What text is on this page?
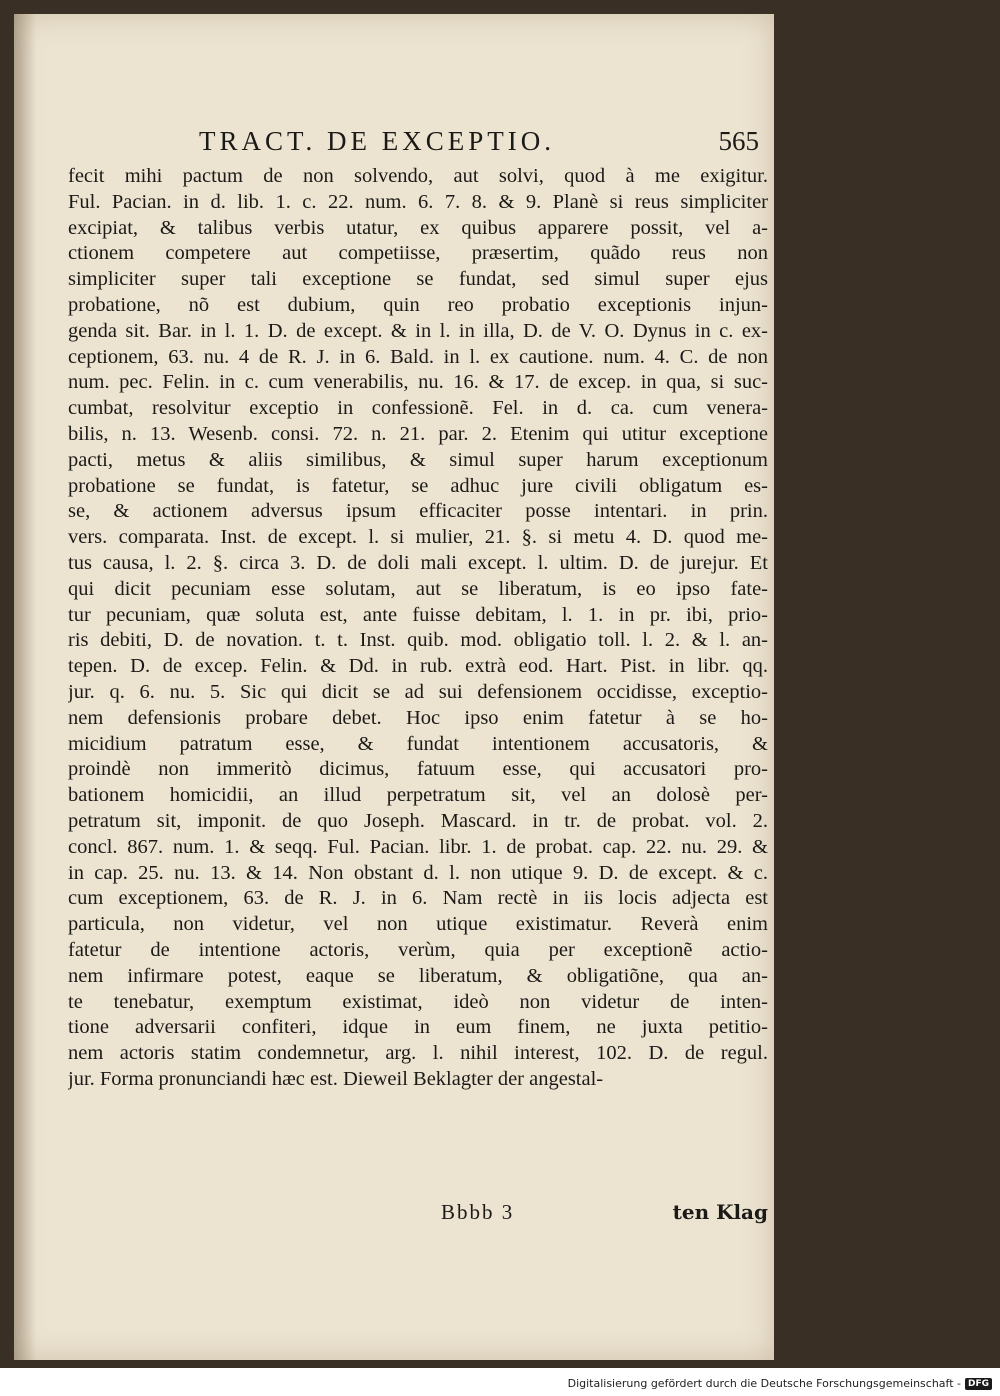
TRACT. DE EXCEPTIO.	565
fecit mihi pactum de non solvendo, aut solvi, quod à me exigitur.
Ful. Pacian. in d. lib. 1. c. 22. num. 6. 7. 8. & 9. Planè si reus simpliciter
excipiat, & talibus verbis utatur, ex quibus apparere possit, vel a-
ctionem competere aut competiisse, præsertim, quãdo reus non
simpliciter super tali exceptione se fundat, sed simul super ejus
probatione, nõ est dubium, quin reo probatio exceptionis injun-
genda sit. Bar. in l. 1. D. de except. & in l. in illa, D. de V. O. Dynus in c. ex-
ceptionem, 63. nu. 4 de R. J. in 6. Bald. in l. ex cautione. num. 4. C. de non
num. pec. Felin. in c. cum venerabilis, nu. 16. & 17. de excep. in qua, si suc-
cumbat, resolvitur exceptio in confessionẽ. Fel. in d. ca. cum venera-
bilis, n. 13. Wesenb. consi. 72. n. 21. par. 2. Etenim qui utitur exceptione
pacti, metus & aliis similibus, & simul super harum exceptionum
probatione se fundat, is fatetur, se adhuc jure civili obligatum es-
se, & actionem adversus ipsum efficaciter posse intentari. in prin.
vers. comparata. Inst. de except. l. si mulier, 21. §. si metu 4. D. quod me-
tus causa, l. 2. §. circa 3. D. de doli mali except. l. ultim. D. de jurejur. Et
qui dicit pecuniam esse solutam, aut se liberatum, is eo ipso fate-
tur pecuniam, quæ soluta est, ante fuisse debitam, l. 1. in pr. ibi, prio-
ris debiti, D. de novation. t. t. Inst. quib. mod. obligatio toll. l. 2. & l. an-
tepen. D. de excep. Felin. & Dd. in rub. extrà eod. Hart. Pist. in libr. qq.
jur. q. 6. nu. 5. Sic qui dicit se ad sui defensionem occidisse, exceptio-
nem defensionis probare debet. Hoc ipso enim fatetur à se ho-
micidium patratum esse, & fundat intentionem accusatoris, &
proindè non immeritò dicimus, fatuum esse, qui accusatori pro-
bationem homicidii, an illud perpetratum sit, vel an dolosè per-
petratum sit, imponit. de quo Joseph. Mascard. in tr. de probat. vol. 2.
concl. 867. num. 1. & seqq. Ful. Pacian. libr. 1. de probat. cap. 22. nu. 29. &
in cap. 25. nu. 13. & 14. Non obstant d. l. non utique 9. D. de except. & c.
cum exceptionem, 63. de R. J. in 6. Nam rectè in iis locis adjecta est
particula, non videtur, vel non utique existimatur. Reverà enim
fatetur de intentione actoris, verùm, quia per exceptionẽ actio-
nem infirmare potest, eaque se liberatum, & obligatiõne, qua an-
te tenebatur, exemptum existimat, ideò non videtur de inten-
tione adversarii confiteri, idque in eum finem, ne juxta petitio-
nem actoris statim condemnetur, arg. l. nihil interest, 102. D. de regul.
jur. Forma pronunciandi hæc est. Dieweil Beklagter der angestal-
Bbbb 3	ten Klag
Digitalisierung gefördert durch die Deutsche Forschungsgemeinschaft - DFG
